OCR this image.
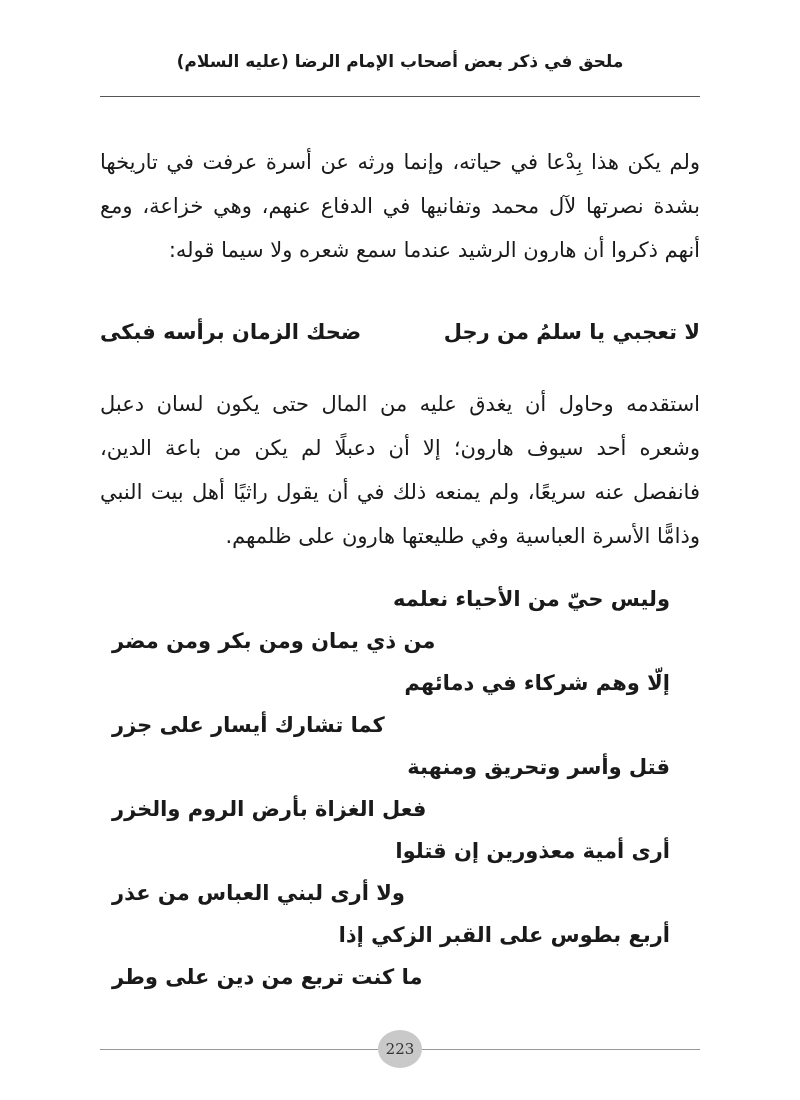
ملحق في ذكر بعض أصحاب الإمام الرضا (عليه السلام)

ولم يكن هذا بِدْعا في حياته، وإنما ورثه عن أسرة عرفت في تاريخها بشدة نصرتها لآل محمد وتفانيها في الدفاع عنهم، وهي خزاعة، ومع أنهم ذكروا أن هارون الرشيد عندما سمع شعره ولا سيما قوله:

لا تعجبي يا سلمُ من رجل
ضحك الزمان برأسه فبكى

استقدمه وحاول أن يغدق عليه من المال حتى يكون لسان دعبل وشعره أحد سيوف هارون؛ إلا أن دعبلًا لم يكن من باعة الدين، فانفصل عنه سريعًا، ولم يمنعه ذلك في أن يقول راثيًا أهل بيت النبي وذامًّا الأسرة العباسية وفي طليعتها هارون على ظلمهم.

وليس حيّ من الأحياء نعلمه
من ذي يمان ومن بكر ومن مضر
إلّا وهم شركاء في دمائهم
كما تشارك أيسار على جزر
قتل وأسر وتحريق ومنهبة
فعل الغزاة بأرض الروم والخزر
أرى أمية معذورين إن قتلوا
ولا أرى لبني العباس من عذر
أربع بطوس على القبر الزكي إذا
ما كنت تربع من دين على وطر
223
